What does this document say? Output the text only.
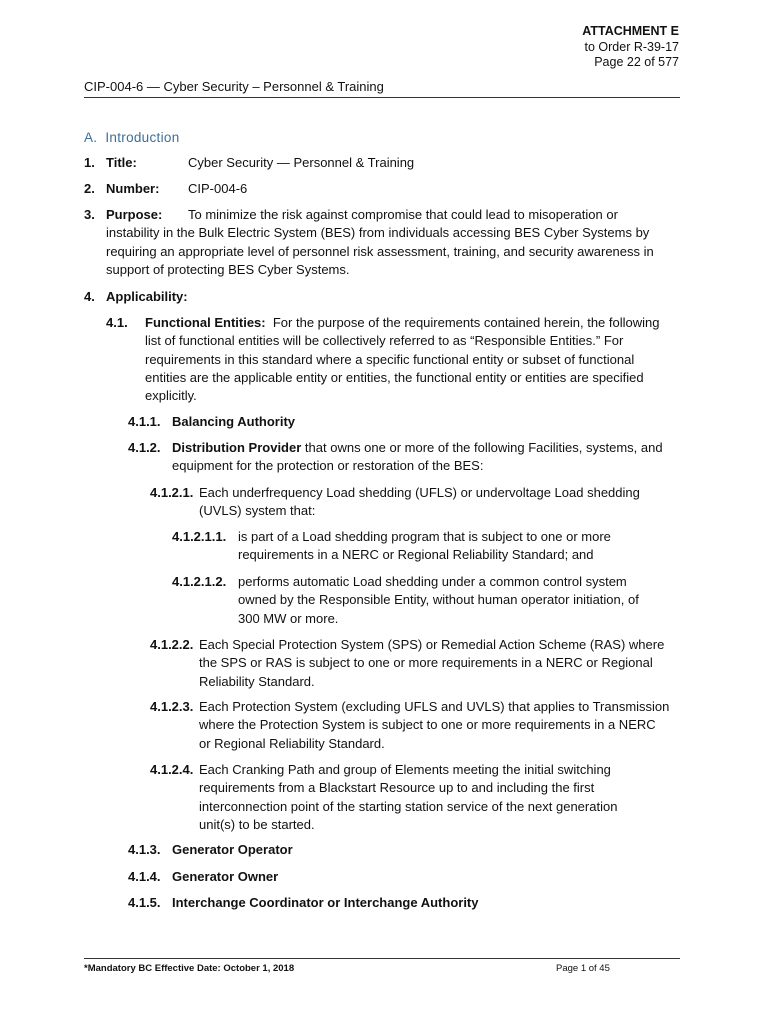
ATTACHMENT E
to Order R-39-17
Page 22 of 577
CIP-004-6 — Cyber Security – Personnel & Training
A. Introduction
1. Title:	Cyber Security — Personnel & Training
2. Number: CIP-004-6
3. Purpose: To minimize the risk against compromise that could lead to misoperation or
instability in the Bulk Electric System (BES) from individuals accessing BES Cyber Systems by
requiring an appropriate level of personnel risk assessment, training, and security awareness in
support of protecting BES Cyber Systems.
4. Applicability:
4.1. Functional Entities: For the purpose of the requirements contained herein, the following
list of functional entities will be collectively referred to as “Responsible Entities.” For
requirements in this standard where a specific functional entity or subset of functional
entities are the applicable entity or entities, the functional entity or entities are specified
explicitly.
4.1.1. Balancing Authority
4.1.2. Distribution Provider that owns one or more of the following Facilities, systems, and
equipment for the protection or restoration of the BES:
4.1.2.1. Each underfrequency Load shedding (UFLS) or undervoltage Load shedding
(UVLS) system that:
4.1.2.1.1. is part of a Load shedding program that is subject to one or more
requirements in a NERC or Regional Reliability Standard; and
4.1.2.1.2. performs automatic Load shedding under a common control system
owned by the Responsible Entity, without human operator initiation, of
300 MW or more.
4.1.2.2. Each Special Protection System (SPS) or Remedial Action Scheme (RAS) where
the SPS or RAS is subject to one or more requirements in a NERC or Regional
Reliability Standard.
4.1.2.3. Each Protection System (excluding UFLS and UVLS) that applies to Transmission
where the Protection System is subject to one or more requirements in a NERC
or Regional Reliability Standard.
4.1.2.4. Each Cranking Path and group of Elements meeting the initial switching
requirements from a Blackstart Resource up to and including the first
interconnection point of the starting station service of the next generation
unit(s) to be started.
4.1.3. Generator Operator
4.1.4. Generator Owner
4.1.5. Interchange Coordinator or Interchange Authority
*Mandatory BC Effective Date: October 1, 2018	Page 1 of 45
